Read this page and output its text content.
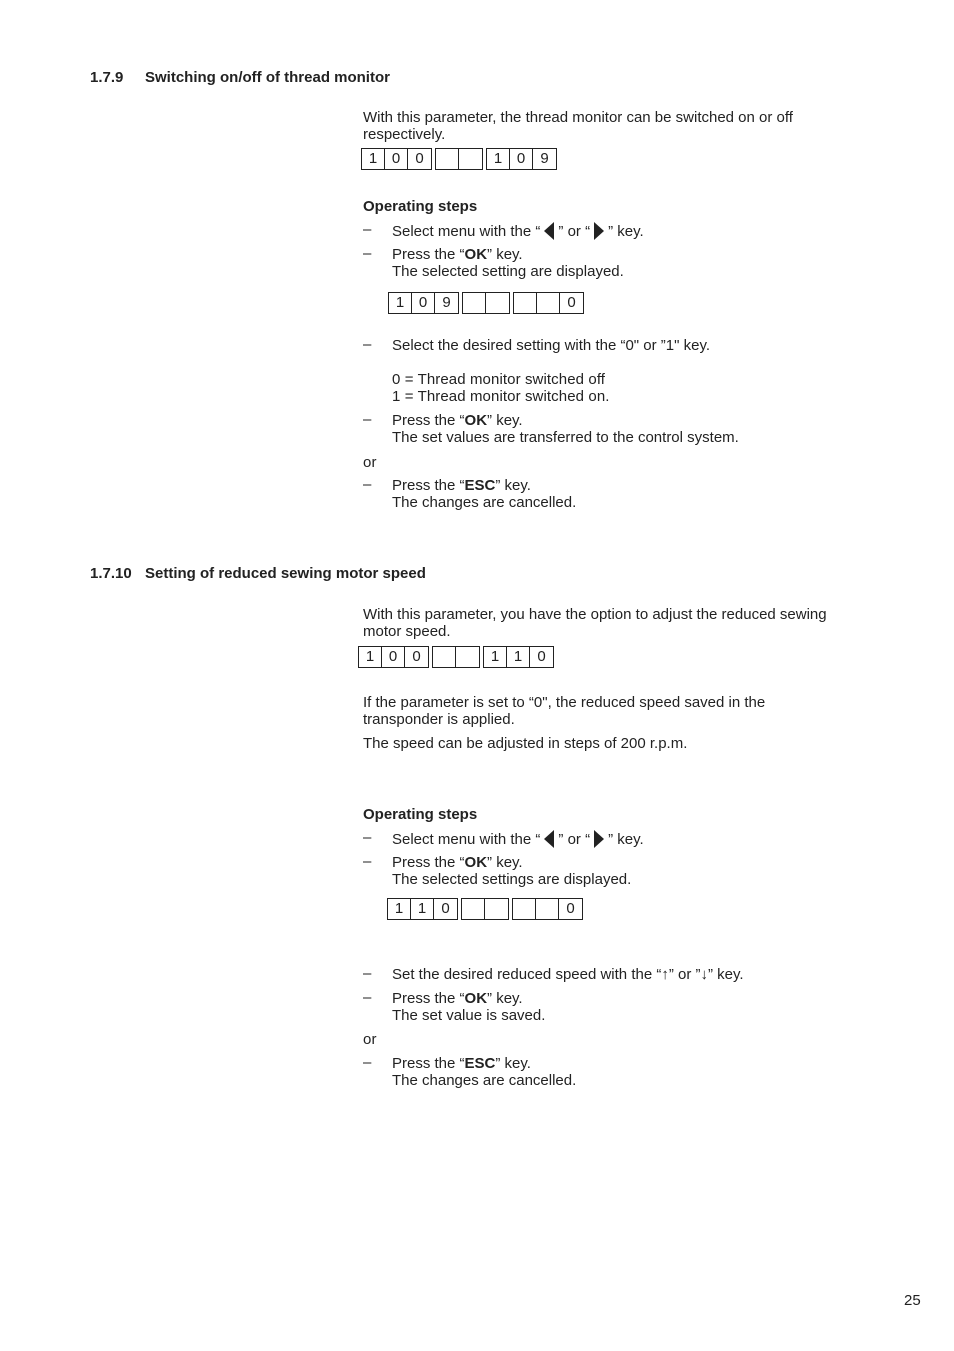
1.7.9 Switching on/off of thread monitor
With this parameter, the thread monitor can be switched on or off
respectively.
1 0	0	1 0	9
Operating steps
– Select menu with the “ ” or “ ” key.
– Press the “OK” key.
The selected setting are displayed.
1 0	9	0
– Select the desired setting with the “0" or ”1" key.
0 = Thread monitor switched off
1 = Thread monitor switched on.
– Press the “OK” key.
The set values are transferred to the control system.
or
– Press the “ESC” key.
The changes are cancelled.
1.7.10 Setting of reduced sewing motor speed
With this parameter, you have the option to adjust the reduced sewing
motor speed.
1 0	0	1 1	0
If the parameter is set to “0", the reduced speed saved in the
transponder is applied.
The speed can be adjusted in steps of 200 r.p.m.
Operating steps
– Select menu with the “ ” or “ ” key.
– Press the “OK” key.
The selected settings are displayed.
1 1	0	0
– Set the desired reduced speed with the “↑” or ”↓” key.
– Press the “OK” key.
The set value is saved.
or
– Press the “ESC” key.
The changes are cancelled.
25
